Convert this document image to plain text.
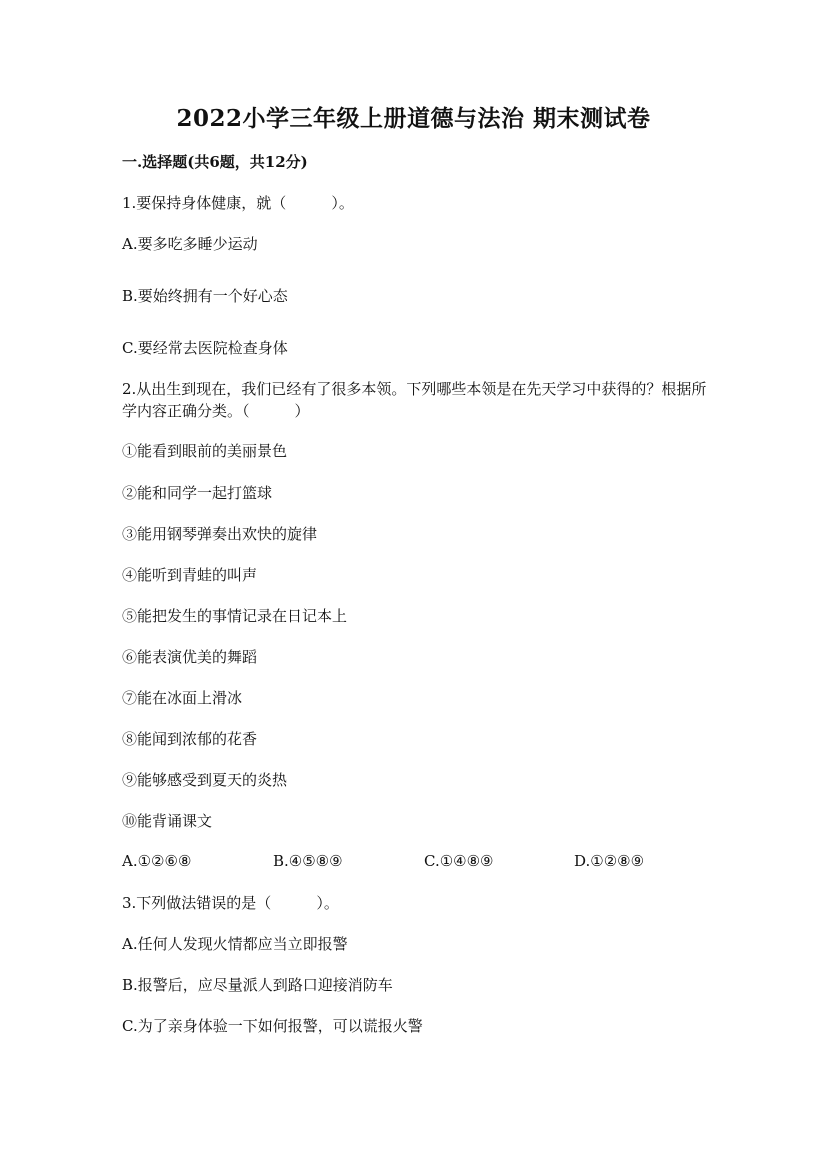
2022小学三年级上册道德与法治 期末测试卷
一.选择题(共6题，共12分)
1.要保持身体健康，就（　　　）。
A.要多吃多睡少运动
B.要始终拥有一个好心态
C.要经常去医院检查身体
2.从出生到现在，我们已经有了很多本领。下列哪些本领是在先天学习中获得的？根据所学内容正确分类。（　　　）
①能看到眼前的美丽景色
②能和同学一起打篮球
③能用钢琴弹奏出欢快的旋律
④能听到青蛙的叫声
⑤能把发生的事情记录在日记本上
⑥能表演优美的舞蹈
⑦能在冰面上滑冰
⑧能闻到浓郁的花香
⑨能够感受到夏天的炎热
⑩能背诵课文
A.①②⑥⑧	B.④⑤⑧⑨	C.①④⑧⑨	D.①②⑧⑨
3.下列做法错误的是（　　　）。
A.任何人发现火情都应当立即报警
B.报警后，应尽量派人到路口迎接消防车
C.为了亲身体验一下如何报警，可以谎报火警
